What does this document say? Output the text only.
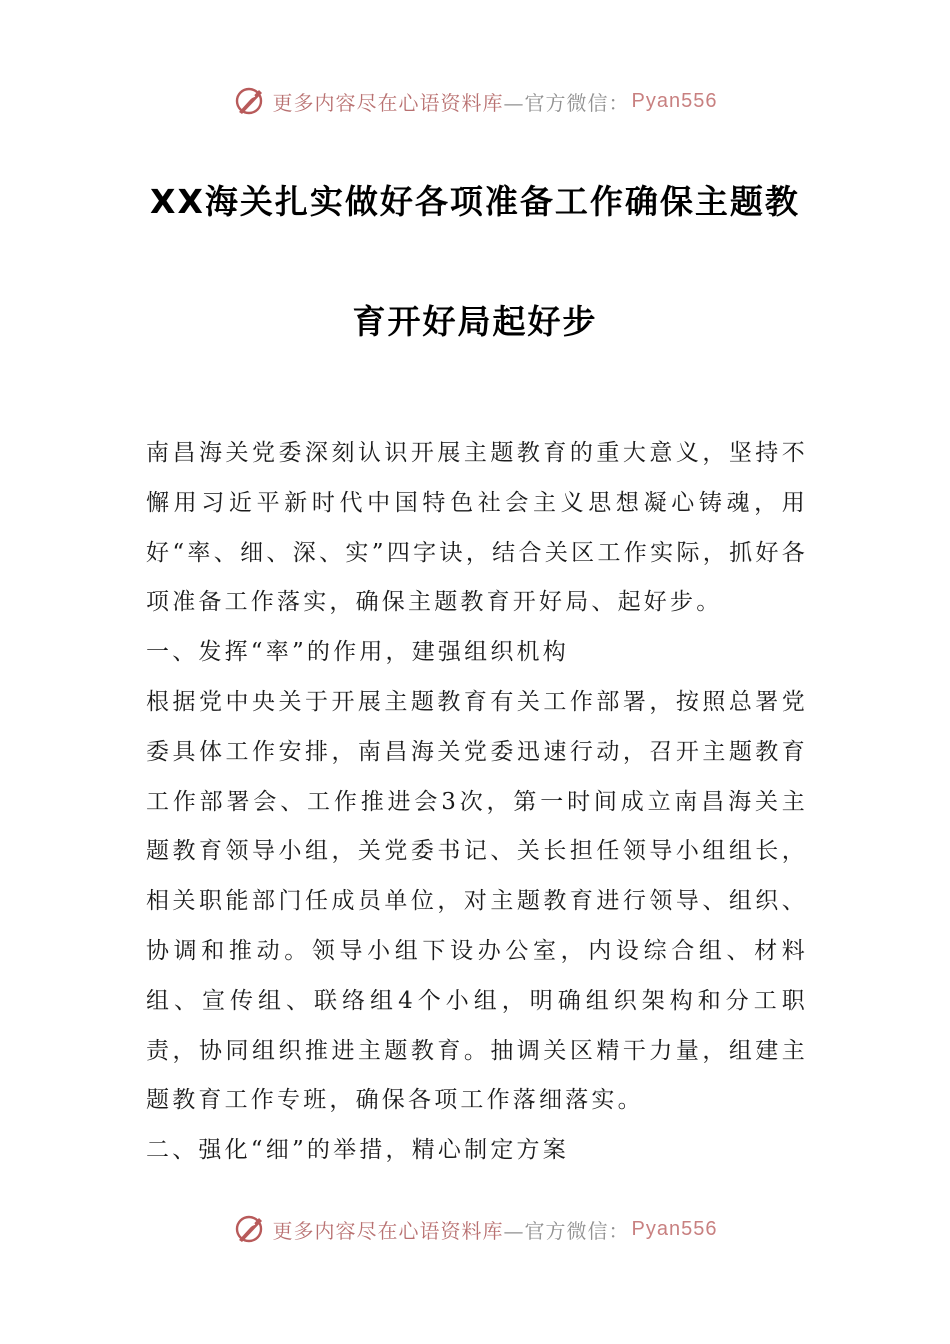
更多内容尽在心语资料库 —官方微信： Pyan556
XX海关扎实做好各项准备工作确保主题教
育开好局起好步

南昌海关党委深刻认识开展主题教育的重大意义，坚持不懈用习近平新时代中国特色社会主义思想凝心铸魂，用好“率、细、深、实”四字诀，结合关区工作实际，抓好各项准备工作落实，确保主题教育开好局、起好步。

一、发挥“率”的作用，建强组织机构

根据党中央关于开展主题教育有关工作部署，按照总署党委具体工作安排，南昌海关党委迅速行动，召开主题教育工作部署会、工作推进会3次，第一时间成立南昌海关主题教育领导小组，关党委书记、关长担任领导小组组长，相关职能部门任成员单位，对主题教育进行领导、组织、协调和推动。领导小组下设办公室，内设综合组、材料组、宣传组、联络组4个小组，明确组织架构和分工职责，协同组织推进主题教育。抽调关区精干力量，组建主题教育工作专班，确保各项工作落细落实。

二、强化“细”的举措，精心制定方案

更多内容尽在心语资料库 —官方微信： Pyan556
